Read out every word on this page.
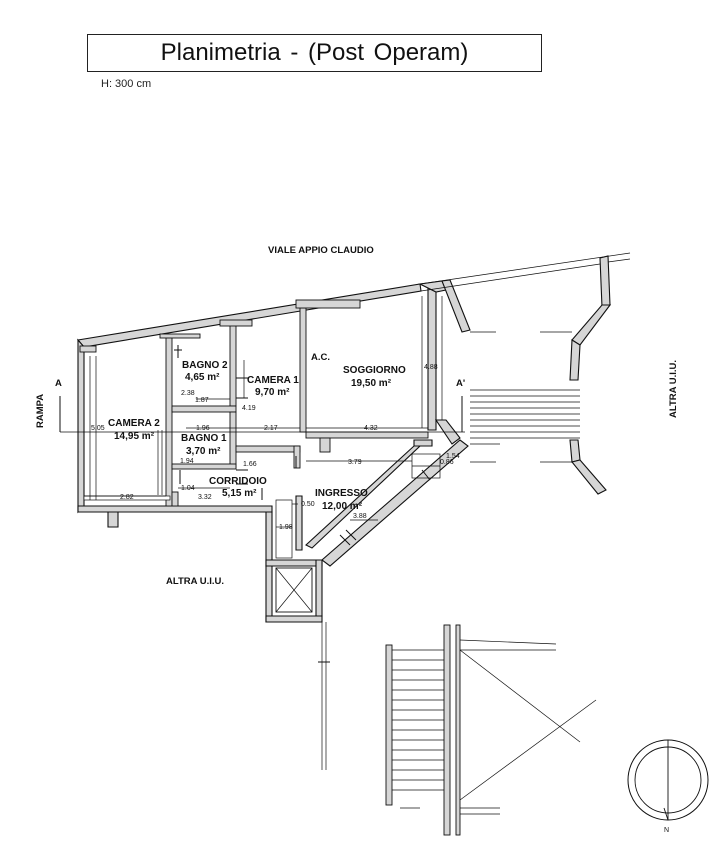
Planimetria - (Post Operam)
H: 300 cm
A	A'
VIALE APPIO CLAUDIO
RAMPA	ALTRA U.I.U.
ALTRA U.I.U.
A.C.
BAGNO 2
4,65 m²	CAMERA 1
9,70 m²
SOGGIORNO
19,50 m²
CAMERA 2
14,95 m²	BAGNO 1
3,70 m²
CORRIDOIO
5,15 m²	INGRESSO
12,00 m²
5.05
2.38
1.87
4.19
4.88
1.96	2.17	4.32
1.94	1.66	3.79
1.54
0.86
1.04
2.82	3.32
0.50
3.88
1.98
N
